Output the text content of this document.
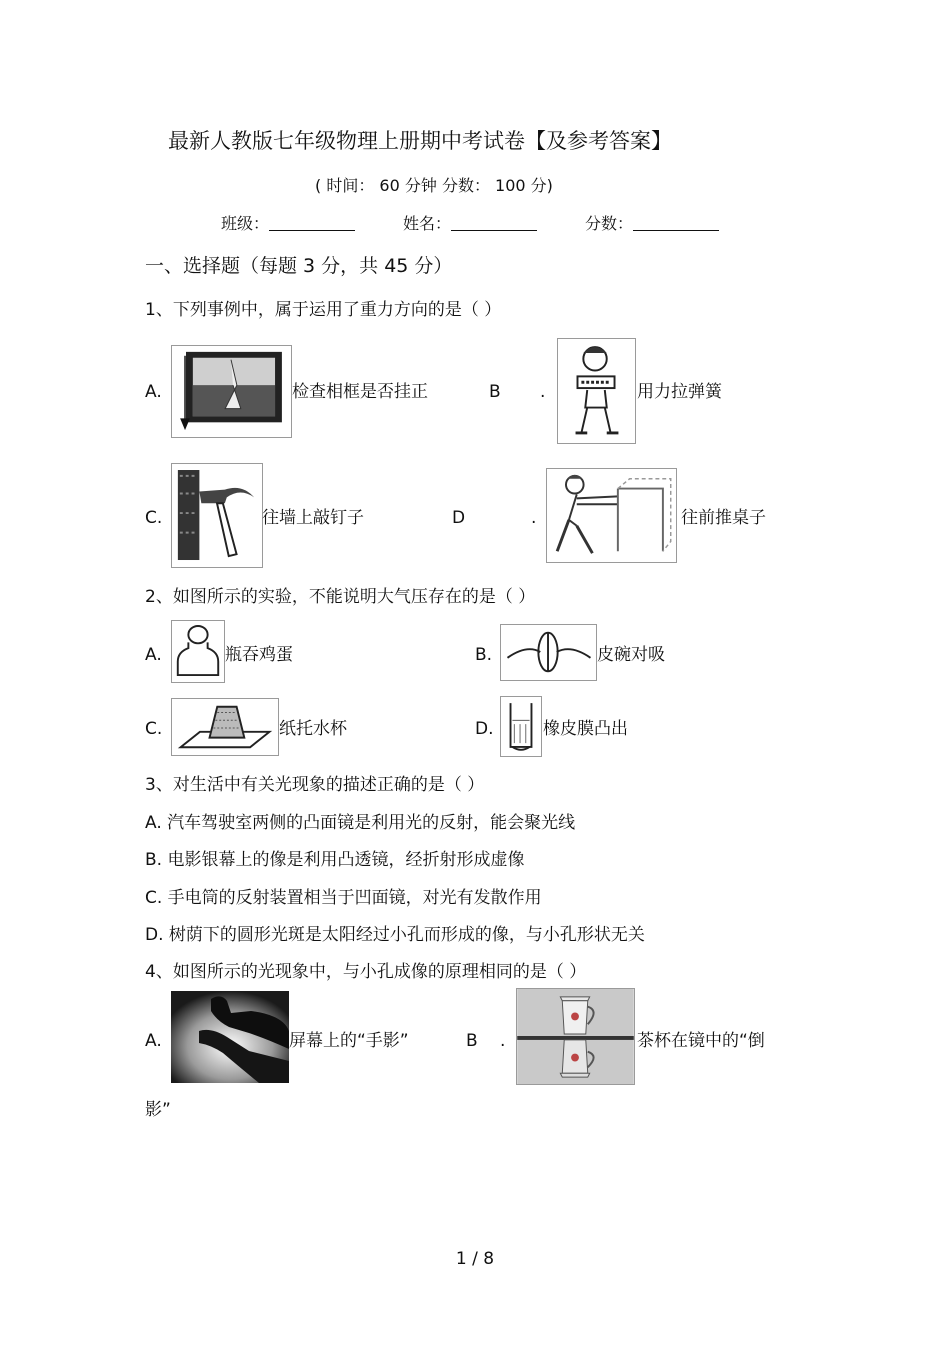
最新人教版七年级物理上册期中考试卷【及参考答案】
( 时间： 60 分钟 分数： 100 分)
班级：	姓名：	分数：
一、选择题（每题 3 分，共 45 分）
1、下列事例中，属于运用了重力方向的是（ ）
A.	检查相框是否挂正	B .	用力拉弹簧
C.	往墙上敲钉子	D	.	往前推桌子
2、如图所示的实验，不能说明大气压存在的是（ ）
A.	瓶吞鸡蛋	B.	皮碗对吸
C.	纸托水杯	D.	橡皮膜凸出
3、对生活中有关光现象的描述正确的是（ ）
A. 汽车驾驶室两侧的凸面镜是利用光的反射，能会聚光线
B. 电影银幕上的像是利用凸透镜，经折射形成虚像
C. 手电筒的反射装置相当于凹面镜，对光有发散作用
D. 树荫下的圆形光斑是太阳经过小孔而形成的像，与小孔形状无关
4、如图所示的光现象中，与小孔成像的原理相同的是（ ）
A.	屏幕上的“手影”	B .	茶杯在镜中的“倒
影”
1 / 8
